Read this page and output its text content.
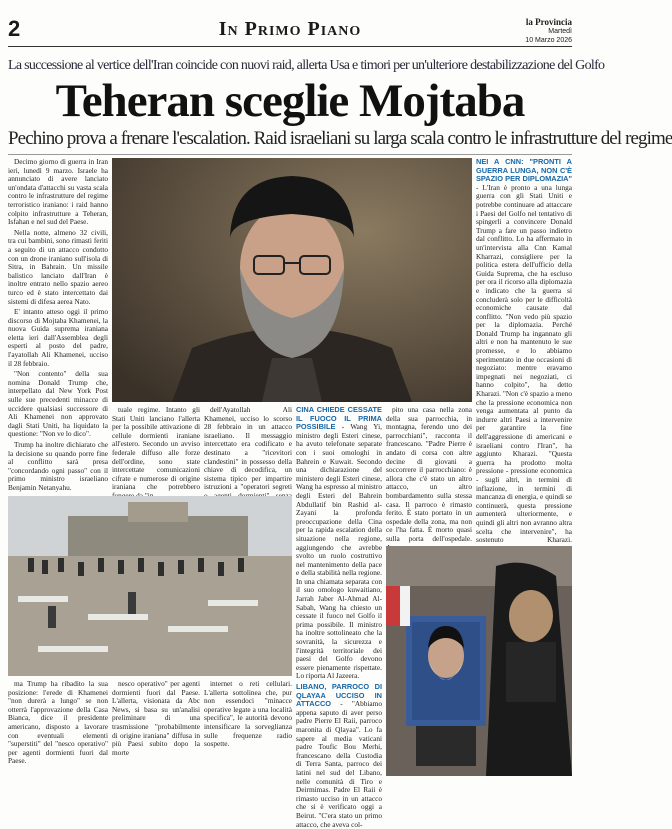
2	In Primo Piano	la Provincia
Martedì
10 Marzo 2026
La successione al vertice dell'Iran coincide con nuovi raid, allerta Usa e timori per un'ulteriore destabilizzazione del Golfo
Teheran sceglie Mojtaba
Pechino prova a frenare l'escalation. Raid israeliani su larga scala contro le infrastrutture del regime

Decimo giorno di guerra in Iran ieri, lunedì 9 marzo. Israele ha annunciato di avere lanciato un'ondata d'attacchi su vasta scala contro le infrastrutture del regime terroristico iraniano: i raid hanno colpito infrastrutture a Teheran, Isfahan e nel sud del Paese.

Nella notte, almeno 32 civili, tra cui bambini, sono rimasti feriti a seguito di un attacco condotto con un drone iraniano sull'isola di Sitra, in Bahrain. Un missile balistico lanciato dall'Iran è inoltre entrato nello spazio aereo turco ed è stato intercettato dai sistemi di difesa aerea Nato.

E' intanto atteso oggi il primo discorso di Mojtaba Khamenei, la nuova Guida suprema iraniana eletta ieri dall'Assemblea degli esperti al posto del padre, l'ayatollah Ali Khamenei, ucciso il 28 febbraio.

"Non contento" della sua nomina Donald Trump che, interpellato dal New York Post sulle sue precedenti minacce di uccidere qualsiasi successore di Ali Khamenei non approvato dagli Stati Uniti, ha liquidato la questione: "Non ve lo dico".

Trump ha inoltre dichiarato che la decisione su quando porre fine al conflitto sarà presa "concordando ogni passo" con il primo ministro israeliano Benjamin Netanyahu.

NEI A CNN: "PRONTI A GUERRA LUNGA, NON C'È SPAZIO PER DIPLOMAZIA" - L'Iran è pronto a una lunga guerra con gli Stati Uniti e potrebbe continuare ad attaccare i Paesi del Golfo nel tentativo di spingerli a convincere Donald Trump a fare un passo indietro dal conflitto. Lo ha affermato in un'intervista alla Cnn Kamal Kharrazi, consigliere per la politica estera dell'ufficio della Guida Suprema, che ha escluso per ora il ricorso alla diplomazia e indicato che la guerra si concluderà solo per le difficoltà economiche causate dal conflitto. "Non vedo più spazio per la diplomazia. Perché Donald Trump ha ingannato gli altri e non ha mantenuto le sue promesse, e lo abbiamo sperimentato in due occasioni di negoziato: mentre eravamo impegnati nei negoziati, ci hanno colpito", ha detto Kharazi. "Non c'è spazio a meno che la pressione economica non venga aumentata al punto da indurre altri Paesi a intervenire per garantire la fine dell'aggressione di americani e israeliani contro l'Iran", ha aggiunto Kharazi. "Questa guerra ha prodotto molta pressione - pressione economica - sugli altri, in termini di inflazione, in termini di mancanza di energia, e quindi se continuerà, questa pressione aumenterà ulteriormente, e quindi gli altri non avranno altra scelta che intervenire", ha sostenuto Kharazi.

tuale regime. Intanto gli Stati Uniti lanciano l'allerta per la possibile attivazione di cellule dormienti iraniane all'estero. Secondo un avviso federale diffuso alle forze dell'ordine, sono state intercettate comunicazioni cifrate e numerose di origine iraniana che potrebbero

dell'Ayatollah Ali Khamenei, ucciso lo scorso 28 febbraio in un attacco israeliano. Il messaggio intercettato era codificato e destinato a "ricevitori clandestini" in possesso della chiave di decodifica, un sistema tipico per impartire istruzioni a "operatori segreti

CINA CHIEDE CESSATE IL FUOCO IL PRIMA POSSIBILE - Wang Yi, ministro degli Esteri cinese, ha avuto telefonate separate con i suoi omologhi in Bahrein e Kuwait. Secondo una dichiarazione del ministero degli Esteri cinese, Wang ha espresso al ministro degli Esteri del Bahrein Abdullatif bin Rashid al-Zayani la profonda preoccupazione della Cina per la rapida escalation della situazione nella regione, aggiungendo che avrebbe svolto un ruolo costruttivo nel mantenimento della pace e della stabilità nella regione. In una chiamata separata con il suo omologo kuwaitiano, Jarrah Jaber Al-Ahmad Al-Sabah, Wang ha chiesto un cessate il fuoco nel Golfo il prima possibile. Il ministro ha inoltre sottolineato che la sovranità, la sicurezza e l'integrità territoriale dei paesi del Golfo devono essere pienamente rispettate. Lo riporta Al Jazeera.
LIBANO, PARROCO DI QLAYAA UCCISO IN ATTACCO - "Abbiamo appena saputo di aver perso padre Pierre El Raii, parroco maronita di Qlayaa". Lo fa sapere al media vaticani padre Toufic Bou Merhi, francescano della Custodia di Terra Santa, parroco dei latini nel sud del Libano, nelle comunità di Tiro e Deirmimas. Padre El Raii è rimasto ucciso in un attacco che si è verificato oggi a Beirut. "C'era stato un primo attacco, che aveva col-

pito una casa nella zona della sua parrocchia, in montagna, ferendo uno dei parrocchiani", racconta il francescano. "Padre Pierre è andato di corsa con altre decine di giovani a soccorrere il parrocchiano: è allora che c'è stato un altro attacco, un altro bombardamento sulla stessa casa. Il parroco è rimasto ferito. È stato portato in un ospedale della zona, ma non ce l'ha fatta. È morto quasi sulla porta dell'ospedale.

ma Trump ha ribadito la sua posizione: l'erede di Khamenei "non durerà a lungo" se non otterrà l'approvazione della Casa Bianca, dice il presidente americano, disposto a lavorare con eventuali elementi "superstiti" del "nesco operativo" per agenti dormienti fuori dal Paese.

nesco operativo" per agenti dormienti fuori dal Paese. L'allerta, visionata da Abc News, si basa su un'analisi preliminare di una trasmissione "probabilmente di origine iraniana" diffusa in più Paesi subito dopo la morte

internet o reti cellulari. L'allerta sottolinea che, pur non essendoci "minacce operative legate a una località specifica", le autorità devono intensificare la sorveglianza sulle frequenze radio sospette.
